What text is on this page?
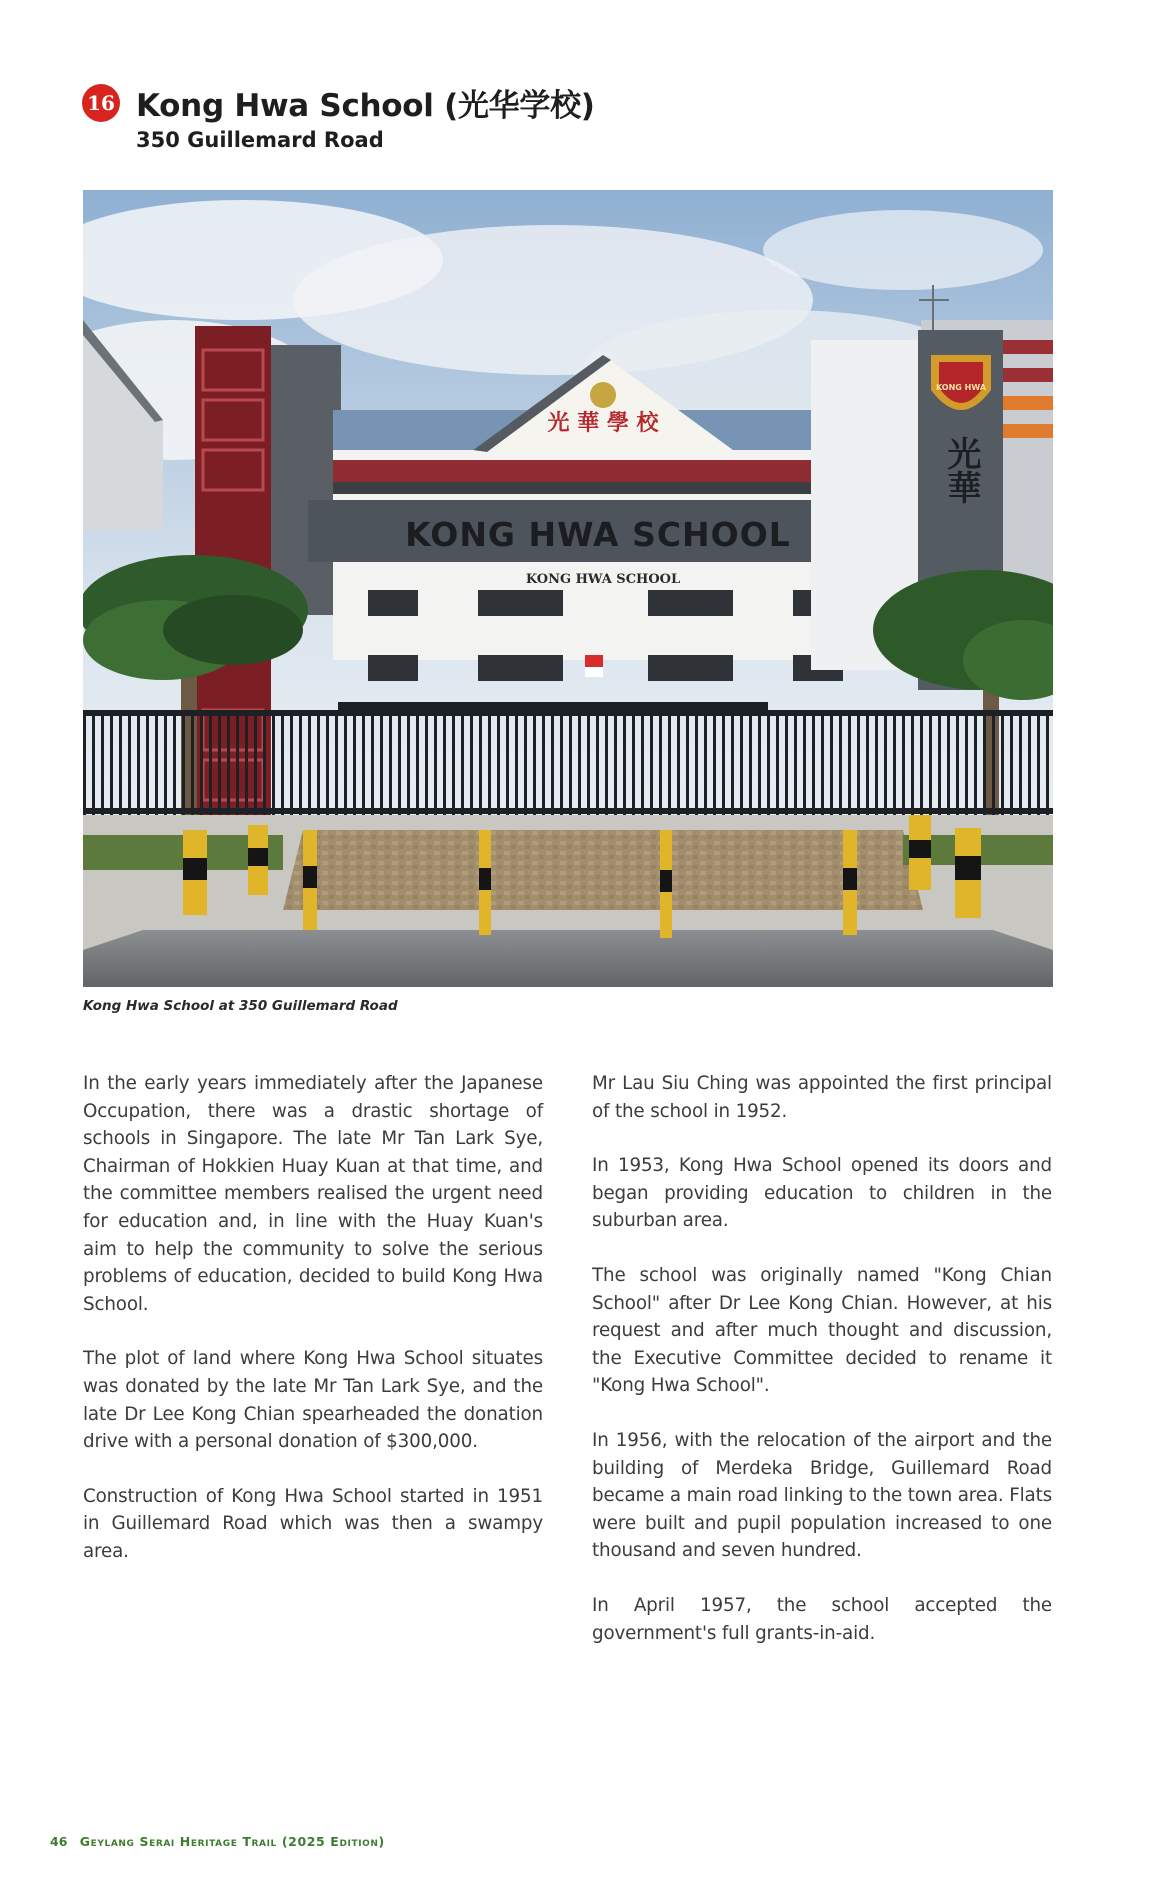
16 Kong Hwa School (光华学校)
350 Guillemard Road
光 華 學 校
KONG HWA SCHOOL
KONG HWA SCHOOL
KONG HWA
光華

Kong Hwa School at 350 Guillemard Road

In the early years immediately after the Japanese Occupation, there was a drastic shortage of schools in Singapore. The late Mr Tan Lark Sye, Chairman of Hokkien Huay Kuan at that time, and the committee members realised the urgent need for education and, in line with the Huay Kuan's aim to help the community to solve the serious problems of education, decided to build Kong Hwa School.

The plot of land where Kong Hwa School situates was donated by the late Mr Tan Lark Sye, and the late Dr Lee Kong Chian spearheaded the donation drive with a personal donation of $300,000.

Construction of Kong Hwa School started in 1951 in Guillemard Road which was then a swampy area.

Mr Lau Siu Ching was appointed the first principal of the school in 1952.

In 1953, Kong Hwa School opened its doors and began providing education to children in the suburban area.

The school was originally named "Kong Chian School" after Dr Lee Kong Chian. However, at his request and after much thought and discussion, the Executive Committee decided to rename it "Kong Hwa School".

In 1956, with the relocation of the airport and the building of Merdeka Bridge, Guillemard Road became a main road linking to the town area. Flats were built and pupil population increased to one thousand and seven hundred.

In April 1957, the school accepted the government's full grants-in-aid.

46 Geylang Serai Heritage Trail (2025 Edition)
